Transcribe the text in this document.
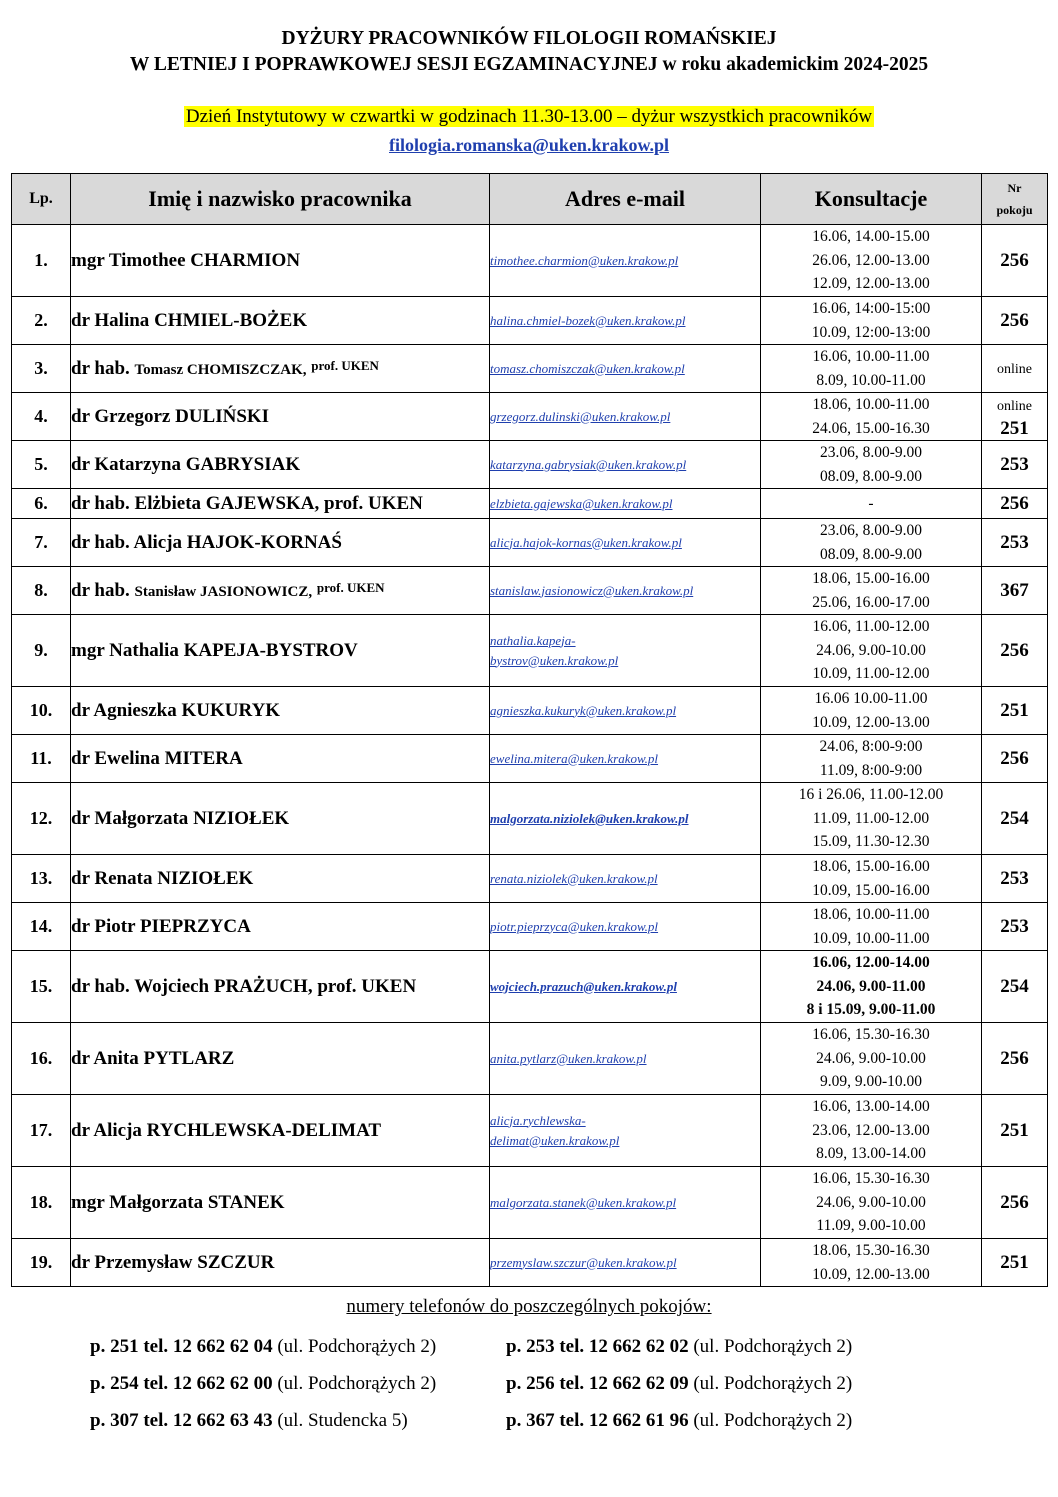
DYŻURY PRACOWNIKÓW FILOLOGII ROMAŃSKIEJ
W LETNIEJ I POPRAWKOWEJ SESJI EGZAMINACYJNEJ w roku akademickim 2024-2025
Dzień Instytutowy w czwartki w godzinach 11.30-13.00 – dyżur wszystkich pracowników
filologia.romanska@uken.krakow.pl
Lp.	Imię i nazwisko pracownika	Adres e-mail	Konsultacje	Nr
pokoju
1.	mgr Timothee CHARMION	timothee.charmion@uken.krakow.pl	16.06, 14.00-15.00
26.06, 12.00-13.00
12.09, 12.00-13.00	256
2.	dr Halina CHMIEL-BOŻEK	halina.chmiel-bozek@uken.krakow.pl	16.06, 14:00-15:00
10.09, 12:00-13:00	256
3.	dr hab. Tomasz CHOMISZCZAK, $^{prof. UKEN}$	tomasz.chomiszczak@uken.krakow.pl	16.06, 10.00-11.00
8.09, 10.00-11.00	online
4.	dr Grzegorz DULIŃSKI	grzegorz.dulinski@uken.krakow.pl	18.06, 10.00-11.00
24.06, 15.00-16.30	online
251
5.	dr Katarzyna GABRYSIAK	katarzyna.gabrysiak@uken.krakow.pl	23.06, 8.00-9.00
08.09, 8.00-9.00	253
6.	dr hab. Elżbieta GAJEWSKA, prof. UKEN	elzbieta.gajewska@uken.krakow.pl	-	256
7.	dr hab. Alicja HAJOK-KORNAŚ	alicja.hajok-kornas@uken.krakow.pl	23.06, 8.00-9.00
08.09, 8.00-9.00	253
8.	dr hab. Stanisław JASIONOWICZ, $^{prof. UKEN}$	stanislaw.jasionowicz@uken.krakow.pl	18.06, 15.00-16.00
25.06, 16.00-17.00	367
9.	mgr Nathalia KAPEJA-BYSTROV	nathalia.kapeja-
bystrov@uken.krakow.pl	16.06, 11.00-12.00
24.06, 9.00-10.00
10.09, 11.00-12.00	256
10.	dr Agnieszka KUKURYK	agnieszka.kukuryk@uken.krakow.pl	16.06 10.00-11.00
10.09, 12.00-13.00	251
11.	dr Ewelina MITERA	ewelina.mitera@uken.krakow.pl	24.06, 8:00-9:00
11.09, 8:00-9:00	256
12.	dr Małgorzata NIZIOŁEK	malgorzata.niziolek@uken.krakow.pl	16 i 26.06, 11.00-12.00
11.09, 11.00-12.00
15.09, 11.30-12.30	254
13.	dr Renata NIZIOŁEK	renata.niziolek@uken.krakow.pl	18.06, 15.00-16.00
10.09, 15.00-16.00	253
14.	dr Piotr PIEPRZYCA	piotr.pieprzyca@uken.krakow.pl	18.06, 10.00-11.00
10.09, 10.00-11.00	253
15.	dr hab. Wojciech PRAŻUCH, prof. UKEN	wojciech.prazuch@uken.krakow.pl	16.06, 12.00-14.00
24.06, 9.00-11.00
8 i 15.09, 9.00-11.00	254
16.	dr Anita PYTLARZ	anita.pytlarz@uken.krakow.pl	16.06, 15.30-16.30
24.06, 9.00-10.00
9.09, 9.00-10.00	256
17.	dr Alicja RYCHLEWSKA-DELIMAT	alicja.rychlewska-
delimat@uken.krakow.pl	16.06, 13.00-14.00
23.06, 12.00-13.00
8.09, 13.00-14.00	251
18.	mgr Małgorzata STANEK	malgorzata.stanek@uken.krakow.pl	16.06, 15.30-16.30
24.06, 9.00-10.00
11.09, 9.00-10.00	256
19.	dr Przemysław SZCZUR	przemyslaw.szczur@uken.krakow.pl	18.06, 15.30-16.30
10.09, 12.00-13.00	251
numery telefonów do poszczególnych pokojów:
p. 251 tel. 12 662 62 04 (ul. Podchorążych 2)	p. 253 tel. 12 662 62 02 (ul. Podchorążych 2)
p. 254 tel. 12 662 62 00 (ul. Podchorążych 2)	p. 256 tel. 12 662 62 09 (ul. Podchorążych 2)
p. 307 tel. 12 662 63 43 (ul. Studencka 5)	p. 367 tel. 12 662 61 96 (ul. Podchorążych 2)
